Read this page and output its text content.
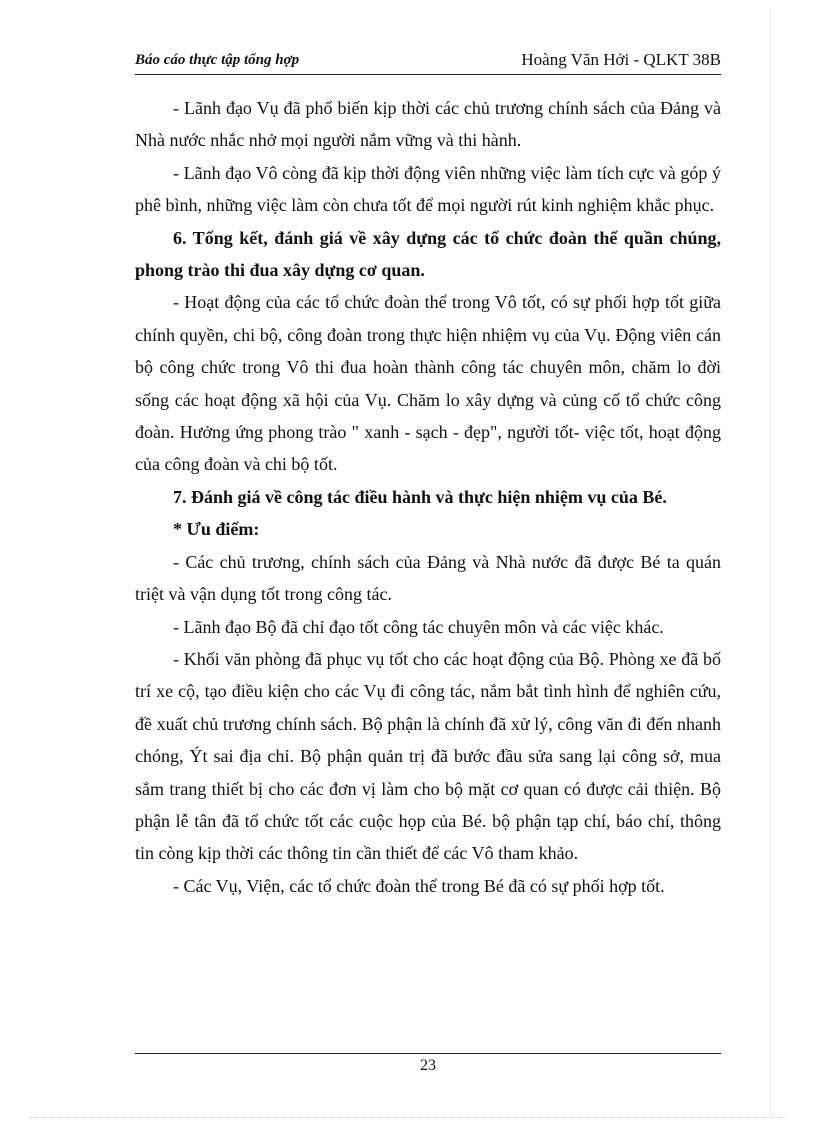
Báo cáo thực tập tổng hợp	Hoàng Văn Hởi - QLKT 38B

- Lãnh đạo Vụ đã phổ biến kịp thời các chủ trương chính sách của Đảng và Nhà nước nhắc nhở mọi người nắm vững và thi hành.

- Lãnh đạo Vô còng đã kịp thời động viên những việc làm tích cực và góp ý phê bình, những việc làm còn chưa tốt để mọi người rút kinh nghiệm khắc phục.

6. Tổng kết, đánh giá về xây dựng các tổ chức đoàn thể quần chúng, phong trào thi đua xây dựng cơ quan.

- Hoạt động của các tổ chức đoàn thể trong Vô tốt, có sự phối hợp tốt giữa chính quyền, chi bộ, công đoàn trong thực hiện nhiệm vụ của Vụ. Động viên cán bộ công chức trong Vô thi đua hoàn thành công tác chuyên môn, chăm lo đời sống các hoạt động xã hội của Vụ. Chăm lo xây dựng và củng cố tổ chức công đoàn. Hưởng ứng phong trào " xanh - sạch - đẹp", người tốt- việc tốt, hoạt động của công đoàn và chi bộ tốt.

7. Đánh giá về công tác điều hành và thực hiện nhiệm vụ của Bé.

* Ưu điểm:

- Các chủ trương, chính sách của Đảng và Nhà nước đã được Bé ta quán triệt và vận dụng tốt trong công tác.

- Lãnh đạo Bộ đã chỉ đạo tốt công tác chuyên môn và các việc khác.

- Khối văn phòng đã phục vụ tốt cho các hoạt động của Bộ. Phòng xe đã bố trí xe cộ, tạo điều kiện cho các Vụ đi công tác, nắm bắt tình hình để nghiên cứu, đề xuất chủ trương chính sách. Bộ phận là chính đã xử lý, công văn đi đến nhanh chóng, Ýt sai địa chỉ. Bộ phận quản trị đã bước đầu sửa sang lại công sở, mua sắm trang thiết bị cho các đơn vị làm cho bộ mặt cơ quan có được cải thiện. Bộ phận lễ tân đã tổ chức tốt các cuộc họp của Bé. bộ phận tạp chí, báo chí, thông tin còng kịp thời các thông tin cần thiết để các Vô tham khảo.

- Các Vụ, Viện, các tổ chức đoàn thể trong Bé đã có sự phối hợp tốt.

23
